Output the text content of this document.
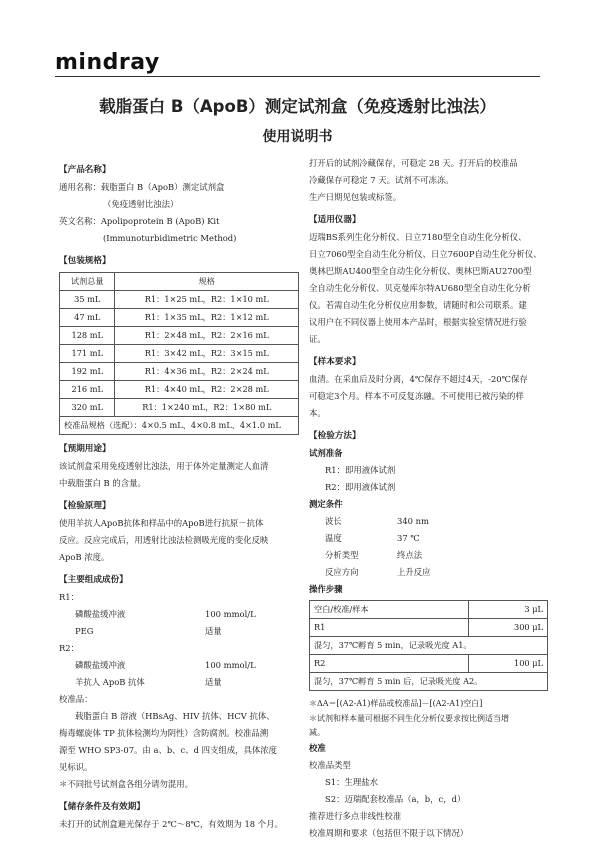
mindray
载脂蛋白 B（ApoB）测定试剂盒（免疫透射比浊法）
使用说明书
【产品名称】
通用名称：载脂蛋白 B（ApoB）测定试剂盒
（免疫透射比浊法）
英文名称：Apolipoprotein B (ApoB) Kit
(Immunoturbidimetric Method)
【包装规格】
试剂总量	规格
35 mL	R1：1×25 mL，R2：1×10 mL
47 mL	R1：1×35 mL，R2：1×12 mL
128 mL	R1：2×48 mL，R2：2×16 mL
171 mL	R1：3×42 mL，R2：3×15 mL
192 mL	R1：4×36 mL，R2：2×24 mL
216 mL	R1：4×40 mL，R2：2×28 mL
320 mL	R1：1×240 mL，R2：1×80 mL
校准品规格（选配）：4×0.5 mL、4×0.8 mL、4×1.0 mL	
【预期用途】
该试剂盒采用免疫透射比浊法，用于体外定量测定人血清
中载脂蛋白 B 的含量。
【检验原理】
使用羊抗人ApoB抗体和样品中的ApoB进行抗原－抗体
反应。反应完成后，用透射比浊法检测吸光度的变化反映
ApoB 浓度。
【主要组成成份】
R1：
磷酸盐缓冲液	100 mmol/L
PEG	适量
R2：
磷酸盐缓冲液	100 mmol/L
羊抗人 ApoB 抗体	适量
校准品：
载脂蛋白 B 溶液（HBsAg、HIV 抗体、HCV 抗体、
梅毒螺旋体 TP 抗体检测均为阴性）含防腐剂。校准品溯
源至 WHO SP3-07。由 a、b、c、d 四支组成，具体浓度
见标识。
＊不同批号试剂盒各组分请勿混用。
【储存条件及有效期】
未打开的试剂盒避光保存于 2℃～8℃，有效期为 18 个月。
打开后的试剂冷藏保存，可稳定 28 天。打开后的校准品
冷藏保存可稳定 7 天。试剂不可冻冻。
生产日期见包装或标签。
【适用仪器】
迈瑞BS系列生化分析仪、日立7180型全自动生化分析仪、
日立7060型全自动生化分析仪、日立7600P自动生化分析仪、
奥林巴斯AU400型全自动生化分析仪、奥林巴斯AU2700型
全自动生化分析仪、贝克曼库尔特AU680型全自动生化分析
仪。若需自动生化分析仪应用参数，请随时和公司联系。建
议用户在不同仪器上使用本产品时，根据实验室情况进行验
证。
【样本要求】
血清。在采血后及时分离，4℃保存不超过4天，-20℃保存
可稳定3个月。样本不可反复冻融。不可使用已被污染的样
本。
【检验方法】
试剂准备
R1：即用液体试剂
R2：即用液体试剂
测定条件
波长	340 nm
温度	37 ℃
分析类型	终点法
反应方向	上升反应
操作步骤
空白/校准/样本	3 μL
R1	300 μL
混匀，37℃孵育 5 min，记录吸光度 A1。	
R2	100 μL
混匀，37℃孵育 5 min 后，记录吸光度 A2。	
＊ΔA＝[(A2-A1)样品或校准品]－[(A2-A1)空白]
＊试剂和样本量可根据不同生化分析仪要求按比例适当增
减。
校准
校准品类型
S1：生理盐水
S2：迈瑞配套校准品（a，b，c，d）
推荐进行多点非线性校准
校准周期和要求（包括但不限于以下情况）
